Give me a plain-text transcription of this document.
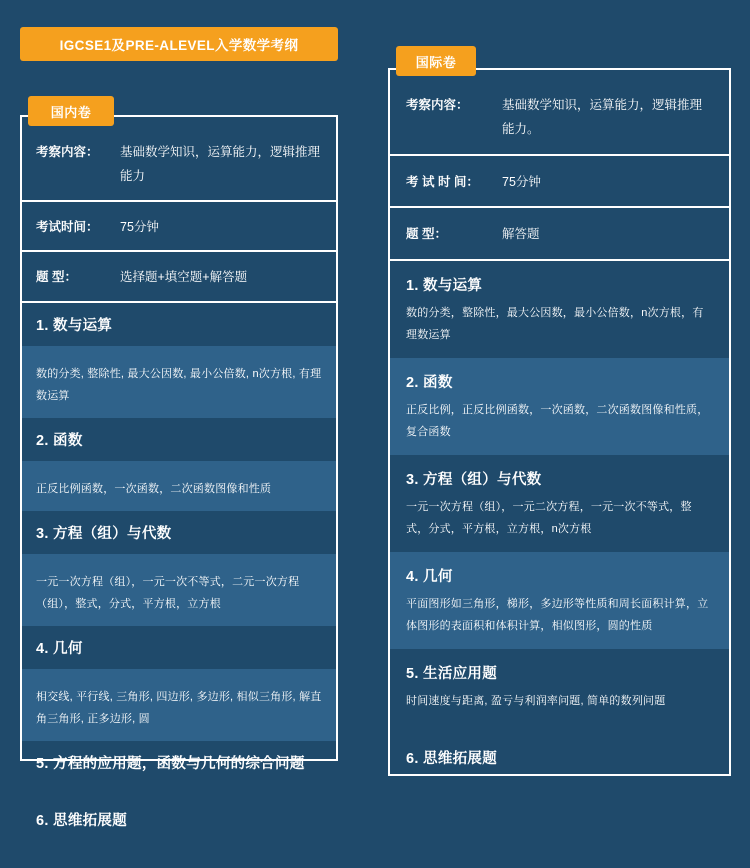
IGCSE1及PRE-ALEVEL入学数学考纲
国内卷
考察内容：	基础数学知识，运算能力，逻辑推理能力
考试时间：	75分钟
题 型：	选择题+填空题+解答题
1. 数与运算
数的分类, 整除性, 最大公因数, 最小公倍数, n次方根, 有理数运算
2. 函数
正反比例函数，一次函数，二次函数图像和性质
3. 方程（组）与代数
一元一次方程（组），一元一次不等式，二元一次方程（组），整式，分式，平方根，立方根
4. 几何
相交线, 平行线, 三角形, 四边形, 多边形, 相似三角形, 解直角三角形, 正多边形, 圆
5. 方程的应用题，函数与几何的综合问题
6. 思维拓展题
国际卷
考察内容：	基础数学知识，运算能力，逻辑推理能力。
考 试 时 间：	75分钟
题 型：	解答题
1. 数与运算
数的分类，整除性，最大公因数，最小公倍数，n次方根，有理数运算
2. 函数
正反比例，正反比例函数，一次函数，二次函数图像和性质，复合函数
3. 方程（组）与代数
一元一次方程（组），一元二次方程，一元一次不等式，整式，分式，平方根，立方根，n次方根
4. 几何
平面图形如三角形，梯形，多边形等性质和周长面积计算，立体图形的表面积和体积计算，相似图形，圆的性质
5. 生活应用题
时间速度与距离, 盈亏与利润率问题, 简单的数列问题
6. 思维拓展题
